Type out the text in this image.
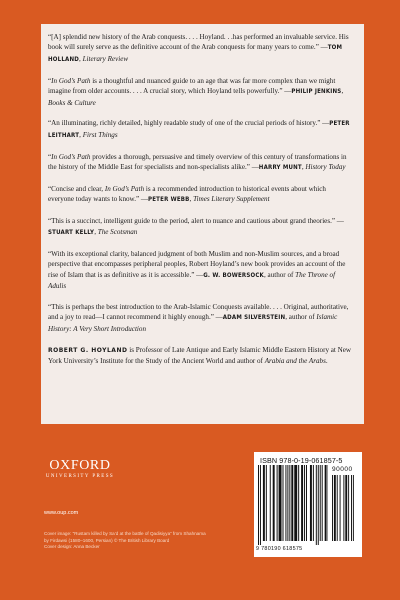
“[A] splendid new history of the Arab conquests. . . . Hoyland. . .has performed an invaluable service. His book will surely serve as the definitive account of the Arab conquests for many years to come.” —TOM HOLLAND, Literary Review

“In God’s Path is a thoughtful and nuanced guide to an age that was far more complex than we might imagine from older accounts. . . . A crucial story, which Hoyland tells powerfully.” —PHILIP JENKINS, Books & Culture

“An illuminating, richly detailed, highly readable study of one of the crucial periods of history.” —PETER LEITHART, First Things

“In God’s Path provides a thorough, persuasive and timely overview of this century of transformations in the history of the Middle East for specialists and non-specialists alike.” —HARRY MUNT, History Today

“Concise and clear, In God’s Path is a recommended introduction to historical events about which everyone today wants to know.” —PETER WEBB, Times Literary Supplement

“This is a succinct, intelligent guide to the period, alert to nuance and cautious about grand theories.” —STUART KELLY, The Scotsman

“With its exceptional clarity, balanced judgment of both Muslim and non-Muslim sources, and a broad perspective that encompasses peripheral peoples, Robert Hoyland’s new book provides an account of the rise of Islam that is as definitive as it is accessible.” —G. W. BOWERSOCK, author of The Throne of Adulis

“This is perhaps the best introduction to the Arab-Islamic Conquests available. . . . Original, authoritative, and a joy to read—I cannot recommend it highly enough.” —ADAM SILVERSTEIN, author of Islamic History: A Very Short Introduction

ROBERT G. HOYLAND is Professor of Late Antique and Early Islamic Middle Eastern History at New York University’s Institute for the Study of the Ancient World and author of Arabia and the Arabs.

OXFORD
UNIVERSITY PRESS
www.oup.com
Cover image: “Rustam killed by Sa’d at the battle of Qadisiyya” from Shahnama
by Firdawsi (1580–1600, Persian) © The British Library Board
Cover design: Anna Becker
ISBN 978-0-19-061857-5
90000
9 780190 618575
